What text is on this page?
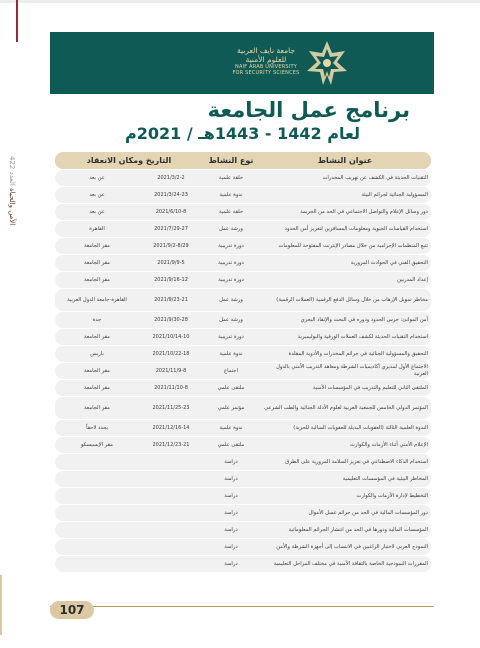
الأمن والحياة العدد 422
جامعة نايف العربية
للعلوم الأمنية
NAIF ARAB UNIVERSITY
FOR SECURITY SCIENCES
برنامج عمل الجامعة
لعام 1442 - 1443هـ / 2021م
عنوان النشاط	نوع النشاط	التاريخ ومكان الانعقاد	
التقنيات الحديثة في الكشف عن تهريب المخدرات	حلقة علمية	2021/3/2-2	عن بعد
المسؤولية الجنائية لجرائم البيئة	ندوة علمية	2021/3/24-23	عن بعد
دور وسائل الإعلام والتواصل الاجتماعي في الحد من الجريمة	حلقة علمية	2021/6/10-8	عن بعد
استخدام القياسات الحيوية ومعلومات المسافرين لتعزيز أمن الحدود	ورشة عمل	2021/7/29-27	القاهرة
تتبع المنظمات الإجرامية من خلال مصادر الإنترنت المفتوحة للمعلومات	دورة تدريبية	2021/9/2-8/29	مقر الجامعة
التحقيق الفني في الحوادث المرورية	دورة تدريبية	2021/9/9-5	مقر الجامعة
إعداد المدربين	دورة تدريبية	2021/9/16-12	مقر الجامعة
مخاطر تمويل الإرهاب من خلال وسائل الدفع الرقمية (العملات الرقمية)	ورشة عمل	2021/9/23-21	القاهرة-جامعة الدول العربية
أمن الموانئ: حرس الحدود ودوره في البحث والإنقاذ البحري	ورشة عمل	2021/9/30-28	جدة
استخدام التقنيات الحديثة لكشف العملات الورقية والبوليميرية	دورة تدريبية	2021/10/14-10	مقر الجامعة
التحقيق والمسؤولية الجنائية في جرائم المخدرات والأدوية المقلدة	ندوة علمية	2021/10/22-18	باريس
الاجتماع الأول لمديري أكاديميات الشرطة ومعاهد التدريب الأمني بالدول العربية	اجتماع	2021/11/9-8	مقر الجامعة
الملتقى الثاني للتعليم والتدريب في المؤسسات الأمنية	ملتقى علمي	2021/11/10-8	مقر الجامعة
المؤتمر الدولي الخامس للجمعية العربية لعلوم الأدلة الجنائية والطب الشرعي	مؤتمر علمي	2021/11/25-23	مقر الجامعة
الندوة العلمية الثالثة (العقوبات البديلة للعقوبات السالبة للحرية)	ندوة علمية	2021/12/16-14	يحدد لاحقاً
الإعلام الأمني أثناء الأزمات والكوارث	ملتقى علمي	2021/12/23-21	مقر الإيسيسكو
استخدام الذكاء الاصطناعي في تعزيز السلامة المرورية على الطرق	دراسة		
المخاطر البيئية في المؤسسات التعليمية	دراسة		
التخطيط لإدارة الأزمات والكوارث	دراسة		
دور المؤسسات المالية في الحد من جرائم غسل الأموال	دراسة		
المؤسسات المالية ودورها في الحد من انتشار الجرائم المعلوماتية	دراسة		
النموذج العربي لاختبار الراغبين في الانتساب إلى أجهزة الشرطة والأمن	دراسة		
المقررات النموذجية الخاصة بالثقافة الأمنية في مختلف المراحل التعليمية	دراسة		
107
